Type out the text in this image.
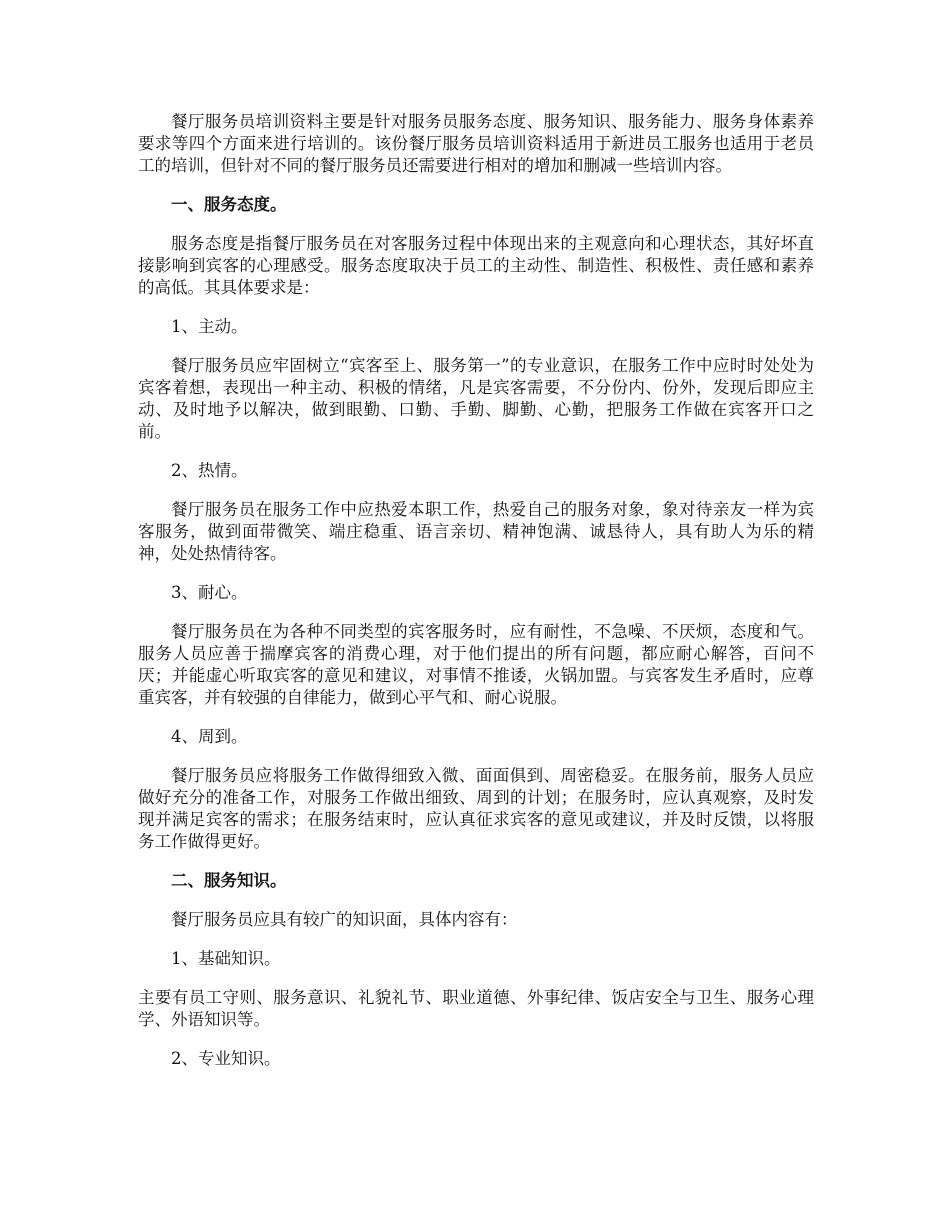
餐厅服务员培训资料主要是针对服务员服务态度、服务知识、服务能力、服务身体素养要求等四个方面来进行培训的。该份餐厅服务员培训资料适用于新进员工服务也适用于老员工的培训，但针对不同的餐厅服务员还需要进行相对的增加和删减一些培训内容。

一、服务态度。

服务态度是指餐厅服务员在对客服务过程中体现出来的主观意向和心理状态，其好坏直接影响到宾客的心理感受。服务态度取决于员工的主动性、制造性、积极性、责任感和素养的高低。其具体要求是：

1、主动。

餐厅服务员应牢固树立“宾客至上、服务第一”的专业意识，在服务工作中应时时处处为宾客着想，表现出一种主动、积极的情绪，凡是宾客需要，不分份内、份外，发现后即应主动、及时地予以解决，做到眼勤、口勤、手勤、脚勤、心勤，把服务工作做在宾客开口之前。

2、热情。

餐厅服务员在服务工作中应热爱本职工作，热爱自己的服务对象，象对待亲友一样为宾客服务，做到面带微笑、端庄稳重、语言亲切、精神饱满、诚恳待人，具有助人为乐的精神，处处热情待客。

3、耐心。

餐厅服务员在为各种不同类型的宾客服务时，应有耐性，不急噪、不厌烦，态度和气。服务人员应善于揣摩宾客的消费心理，对于他们提出的所有问题，都应耐心解答，百问不厌；并能虚心听取宾客的意见和建议，对事情不推诿，火锅加盟。与宾客发生矛盾时，应尊重宾客，并有较强的自律能力，做到心平气和、耐心说服。

4、周到。

餐厅服务员应将服务工作做得细致入微、面面俱到、周密稳妥。在服务前，服务人员应做好充分的准备工作，对服务工作做出细致、周到的计划；在服务时，应认真观察，及时发现并满足宾客的需求；在服务结束时，应认真征求宾客的意见或建议，并及时反馈，以将服务工作做得更好。

二、服务知识。

餐厅服务员应具有较广的知识面，具体内容有：

1、基础知识。

主要有员工守则、服务意识、礼貌礼节、职业道德、外事纪律、饭店安全与卫生、服务心理学、外语知识等。

2、专业知识。
